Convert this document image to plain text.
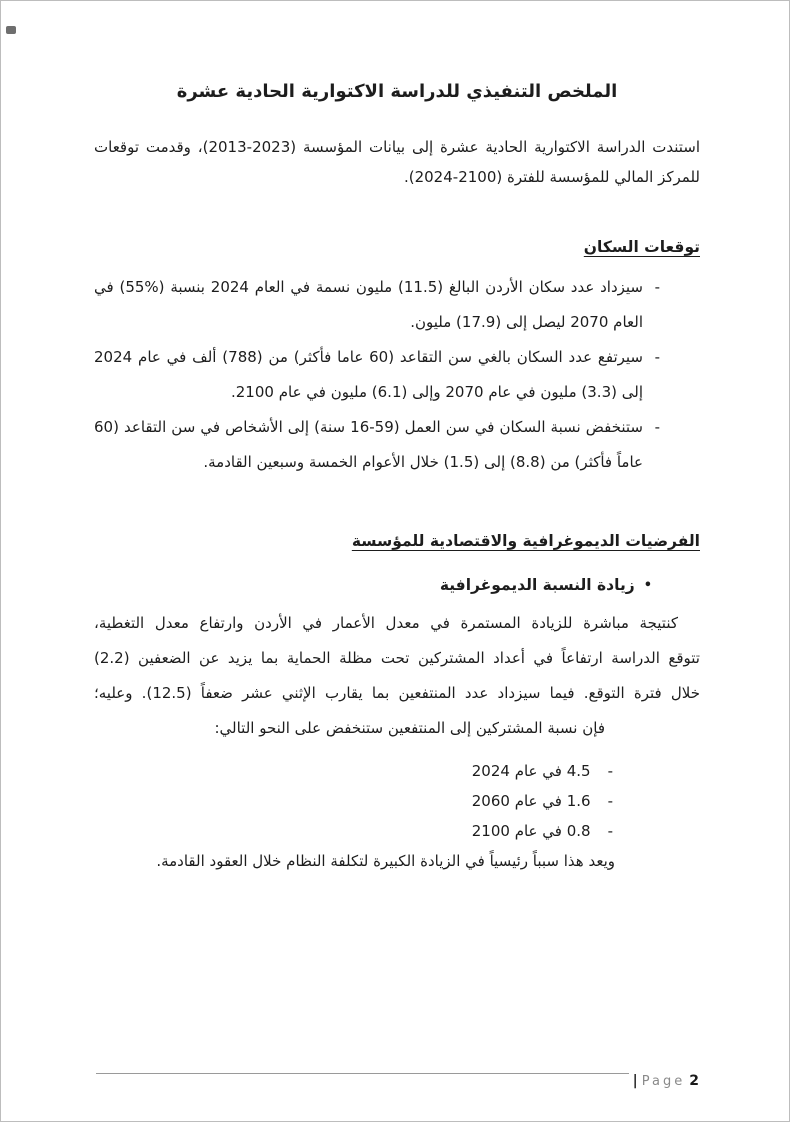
الملخص التنفيذي للدراسة الاكتوارية الحادية عشرة
استندت الدراسة الاكتوارية الحادية عشرة إلى بيانات المؤسسة (2023-2013)، وقدمت توقعات
للمركز المالي للمؤسسة للفترة (2100-2024).
توقعات السكان
-
سيزداد عدد سكان الأردن البالغ (11.5) مليون نسمة في العام 2024 بنسبة (%55) في
العام 2070 ليصل إلى (17.9) مليون.
-
سيرتفع عدد السكان بالغي سن التقاعد (60 عاما فأكثر) من (788) ألف في عام 2024
إلى (3.3) مليون في عام 2070 وإلى (6.1) مليون في عام 2100.
-
ستنخفض نسبة السكان في سن العمل (59-16 سنة) إلى الأشخاص في سن التقاعد (60
عاماً فأكثر) من (8.8) إلى (1.5) خلال الأعوام الخمسة وسبعين القادمة.
الفرضيات الديموغرافية والاقتصادية للمؤسسة
•
زيادة النسبة الديموغرافية
كنتيجة مباشرة للزيادة المستمرة في معدل الأعمار في الأردن وارتفاع معدل التغطية،
تتوقع الدراسة ارتفاعاً في أعداد المشتركين تحت مظلة الحماية بما يزيد عن الضعفين (2.2)
خلال فترة التوقع. فيما سيزداد عدد المنتفعين بما يقارب الإثني عشر ضعفاً (12.5). وعليه؛
فإن نسبة المشتركين إلى المنتفعين ستنخفض على النحو التالي:
-4.5 في عام 2024
-1.6 في عام 2060
-0.8 في عام 2100
ويعد هذا سبباً رئيسياً في الزيادة الكبيرة لتكلفة النظام خلال العقود القادمة.
| Page 2
